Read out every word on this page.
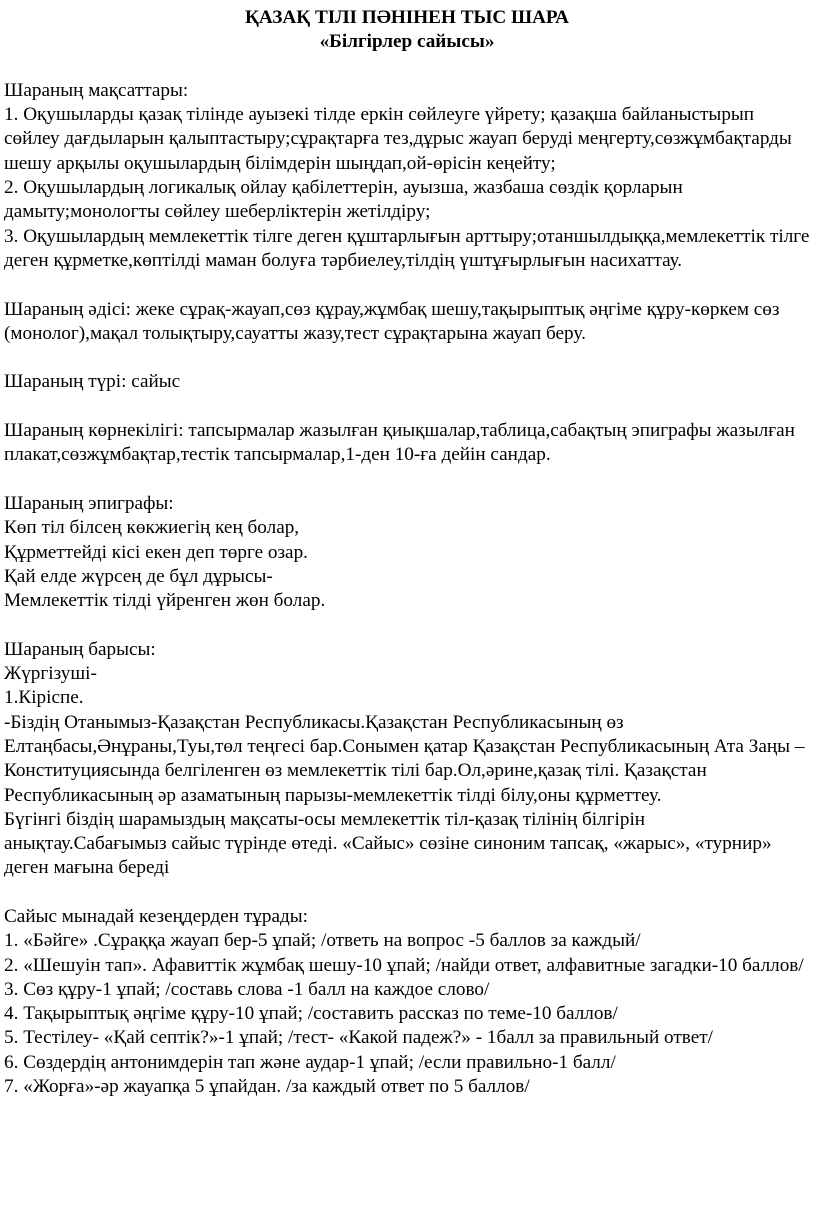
ҚАЗАҚ ТІЛІ ПӘНІНЕН ТЫС ШАРА

«Білгірлер сайысы»

Шараның мақсаттары:

1. Оқушыларды қазақ тілінде ауызекі тілде еркін сөйлеуге үйрету; қазақша байланыстырып сөйлеу дағдыларын қалыптастыру;сұрақтарға тез,дұрыс жауап беруді меңгерту,сөзжұмбақтарды шешу арқылы оқушылардың білімдерін шыңдап,ой-өрісін кеңейту;

2. Оқушылардың логикалық ойлау қабілеттерін, ауызша, жазбаша сөздік қорларын дамыту;монологты сөйлеу шеберліктерін жетілдіру;

3. Оқушылардың мемлекеттік тілге деген құштарлығын арттыру;отаншылдыққа,мемлекеттік тілге деген құрметке,көптілді маман болуға тәрбиелеу,тілдің үштұғырлығын насихаттау.

Шараның әдісі: жеке сұрақ-жауап,сөз құрау,жұмбақ шешу,тақырыптық әңгіме құру-көркем сөз (монолог),мақал толықтыру,сауатты жазу,тест сұрақтарына жауап беру.

Шараның түрі: сайыс

Шараның көрнекілігі: тапсырмалар жазылған қиықшалар,таблица,сабақтың эпиграфы жазылған плакат,сөзжұмбақтар,тестік тапсырмалар,1-ден 10-ға дейін сандар.

Шараның эпиграфы:

Көп тіл білсең көкжиегің кең болар,

Құрметтейді кісі екен деп төрге озар.

Қай елде жүрсең де бұл дұрысы-

Мемлекеттік тілді үйренген жөн болар.

Шараның барысы:

Жүргізуші-

1.Кіріспе.

-Біздің Отанымыз-Қазақстан Республикасы.Қазақстан Республикасының өз Елтаңбасы,Әнұраны,Туы,төл теңгесі бар.Сонымен қатар Қазақстан Республикасының Ата Заңы –Конституциясында белгіленген өз мемлекеттік тілі бар.Ол,әрине,қазақ тілі. Қазақстан Республикасының әр азаматының парызы-мемлекеттік тілді білу,оны құрметтеу.

Бүгінгі біздің шарамыздың мақсаты-осы мемлекеттік тіл-қазақ тілінің білгірін анықтау.Сабағымыз сайыс түрінде өтеді. «Сайыс» сөзіне синоним тапсақ, «жарыс», «турнир» деген мағына береді

Сайыс мынадай кезеңдерден тұрады:

1. «Бәйге» .Сұраққа жауап бер-5 ұпай; /ответь на вопрос -5 баллов за каждый/

2. «Шешуін тап». Афавиттік жұмбақ шешу-10 ұпай; /найди ответ, алфавитные загадки-10 баллов/

3. Сөз құру-1 ұпай; /составь слова -1 балл на каждое слово/

4. Тақырыптық әңгіме құру-10 ұпай; /составить рассказ по теме-10 баллов/

5. Тестілеу- «Қай септік?»-1 ұпай; /тест- «Какой падеж?» - 1балл за правильный ответ/

6. Сөздердің антонимдерін тап және аудар-1 ұпай; /если правильно-1 балл/

7. «Жорға»-әр жауапқа 5 ұпайдан. /за каждый ответ по 5 баллов/
